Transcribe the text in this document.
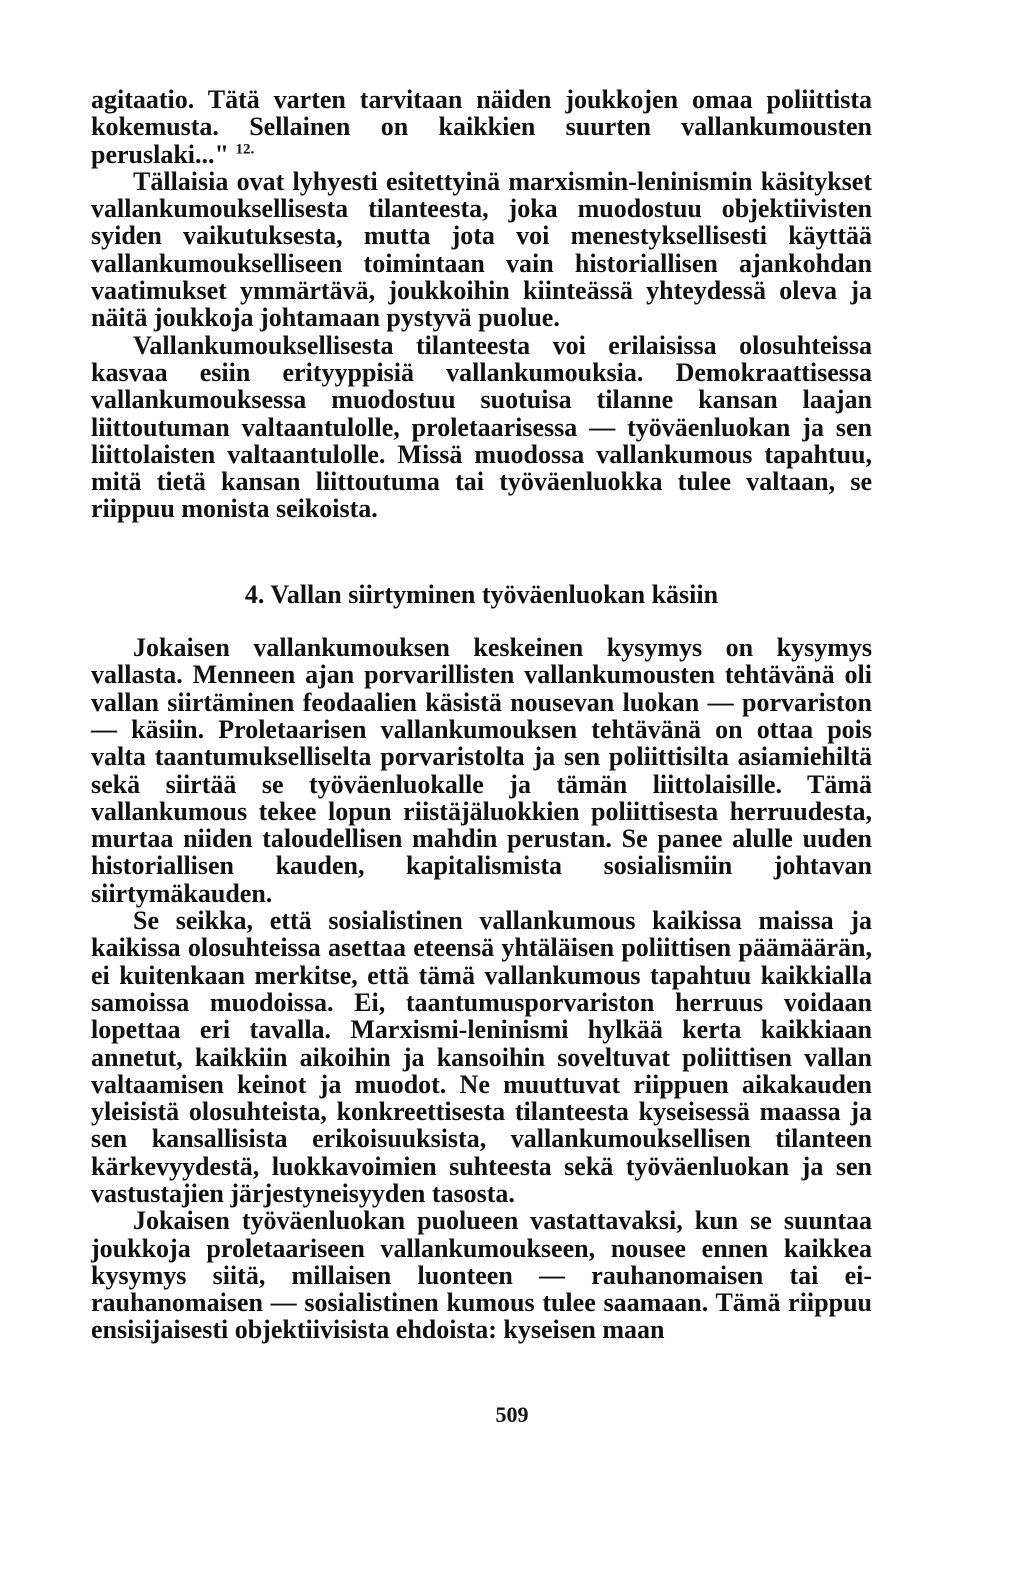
agitaatio. Tätä varten tarvitaan näiden joukkojen omaa poliittista kokemusta. Sellainen on kaikkien suurten vallankumousten peruslaki..." $^{12.}$

Tällaisia ovat lyhyesti esitettyinä marxismin-leninismin käsitykset vallankumouksellisesta tilanteesta, joka muodostuu objektiivisten syiden vaikutuksesta, mutta jota voi menestyksellisesti käyttää vallankumoukselliseen toimintaan vain historiallisen ajankohdan vaatimukset ymmärtävä, joukkoihin kiinteässä yhteydessä oleva ja näitä joukkoja johtamaan pystyvä puolue.

Vallankumouksellisesta tilanteesta voi erilaisissa olosuhteissa kasvaa esiin erityyppisiä vallankumouksia. Demokraattisessa vallankumouksessa muodostuu suotuisa tilanne kansan laajan liittoutuman valtaantulolle, proletaarisessa — työväenluokan ja sen liittolaisten valtaantulolle. Missä muodossa vallankumous tapahtuu, mitä tietä kansan liittoutuma tai työväenluokka tulee valtaan, se riippuu monista seikoista.

4. Vallan siirtyminen työväenluokan käsiin

Jokaisen vallankumouksen keskeinen kysymys on kysymys vallasta. Menneen ajan porvarillisten vallankumousten tehtävänä oli vallan siirtäminen feodaalien käsistä nousevan luokan — porvariston — käsiin. Proletaarisen vallankumouksen tehtävänä on ottaa pois valta taantumukselliselta porvaristolta ja sen poliittisilta asiamiehiltä sekä siirtää se työväenluokalle ja tämän liittolaisille. Tämä vallankumous tekee lopun riistäjäluokkien poliittisesta herruudesta, murtaa niiden taloudellisen mahdin perustan. Se panee alulle uuden historiallisen kauden, kapitalismista sosialismiin johtavan siirtymäkauden.

Se seikka, että sosialistinen vallankumous kaikissa maissa ja kaikissa olosuhteissa asettaa eteensä yhtäläisen poliittisen päämäärän, ei kuitenkaan merkitse, että tämä vallankumous tapahtuu kaikkialla samoissa muodoissa. Ei, taantumusporvariston herruus voidaan lopettaa eri tavalla. Marxismi-leninismi hylkää kerta kaikkiaan annetut, kaikkiin aikoihin ja kansoihin soveltuvat poliittisen vallan valtaamisen keinot ja muodot. Ne muuttuvat riippuen aikakauden yleisistä olosuhteista, konkreettisesta tilanteesta kyseisessä maassa ja sen kansallisista erikoisuuksista, vallankumouksellisen tilanteen kärkevyydestä, luokkavoimien suhteesta sekä työväenluokan ja sen vastustajien järjestyneisyyden tasosta.

Jokaisen työväenluokan puolueen vastattavaksi, kun se suuntaa joukkoja proletaariseen vallankumoukseen, nousee ennen kaikkea kysymys siitä, millaisen luonteen — rauhanomaisen tai ei-rauhanomaisen — sosialistinen kumous tulee saamaan. Tämä riippuu ensisijaisesti objektiivisista ehdoista: kyseisen maan

509
